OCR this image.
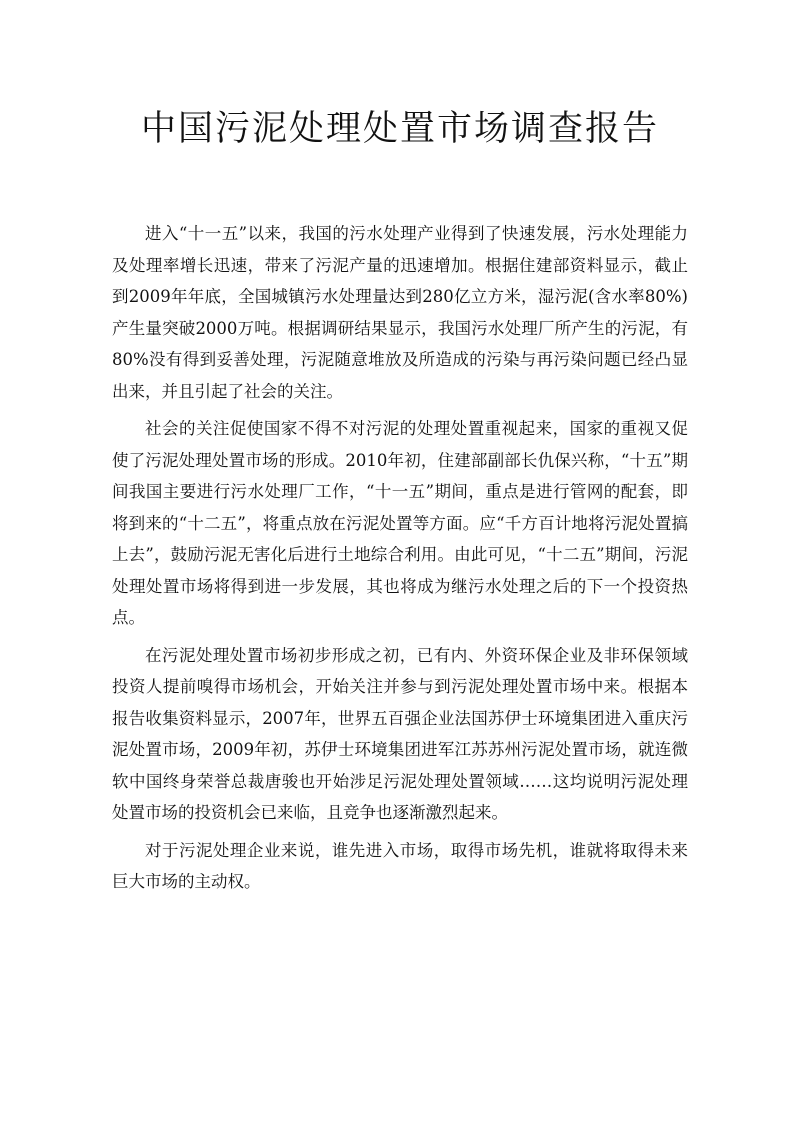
中国污泥处理处置市场调查报告

进入“十一五”以来，我国的污水处理产业得到了快速发展，污水处理能力及处理率增长迅速，带来了污泥产量的迅速增加。根据住建部资料显示，截止到2009年年底，全国城镇污水处理量达到280亿立方米，湿污泥(含水率80%)产生量突破2000万吨。根据调研结果显示，我国污水处理厂所产生的污泥，有80%没有得到妥善处理，污泥随意堆放及所造成的污染与再污染问题已经凸显出来，并且引起了社会的关注。

社会的关注促使国家不得不对污泥的处理处置重视起来，国家的重视又促使了污泥处理处置市场的形成。2010年初，住建部副部长仇保兴称，“十五”期间我国主要进行污水处理厂工作，“十一五”期间，重点是进行管网的配套，即将到来的“十二五”，将重点放在污泥处置等方面。应“千方百计地将污泥处置搞上去”，鼓励污泥无害化后进行土地综合利用。由此可见，“十二五”期间，污泥处理处置市场将得到进一步发展，其也将成为继污水处理之后的下一个投资热点。

在污泥处理处置市场初步形成之初，已有内、外资环保企业及非环保领域投资人提前嗅得市场机会，开始关注并参与到污泥处理处置市场中来。根据本报告收集资料显示，2007年，世界五百强企业法国苏伊士环境集团进入重庆污泥处置市场，2009年初，苏伊士环境集团进军江苏苏州污泥处置市场，就连微软中国终身荣誉总裁唐骏也开始涉足污泥处理处置领域……这均说明污泥处理处置市场的投资机会已来临，且竞争也逐渐激烈起来。

对于污泥处理企业来说，谁先进入市场，取得市场先机，谁就将取得未来巨大市场的主动权。
